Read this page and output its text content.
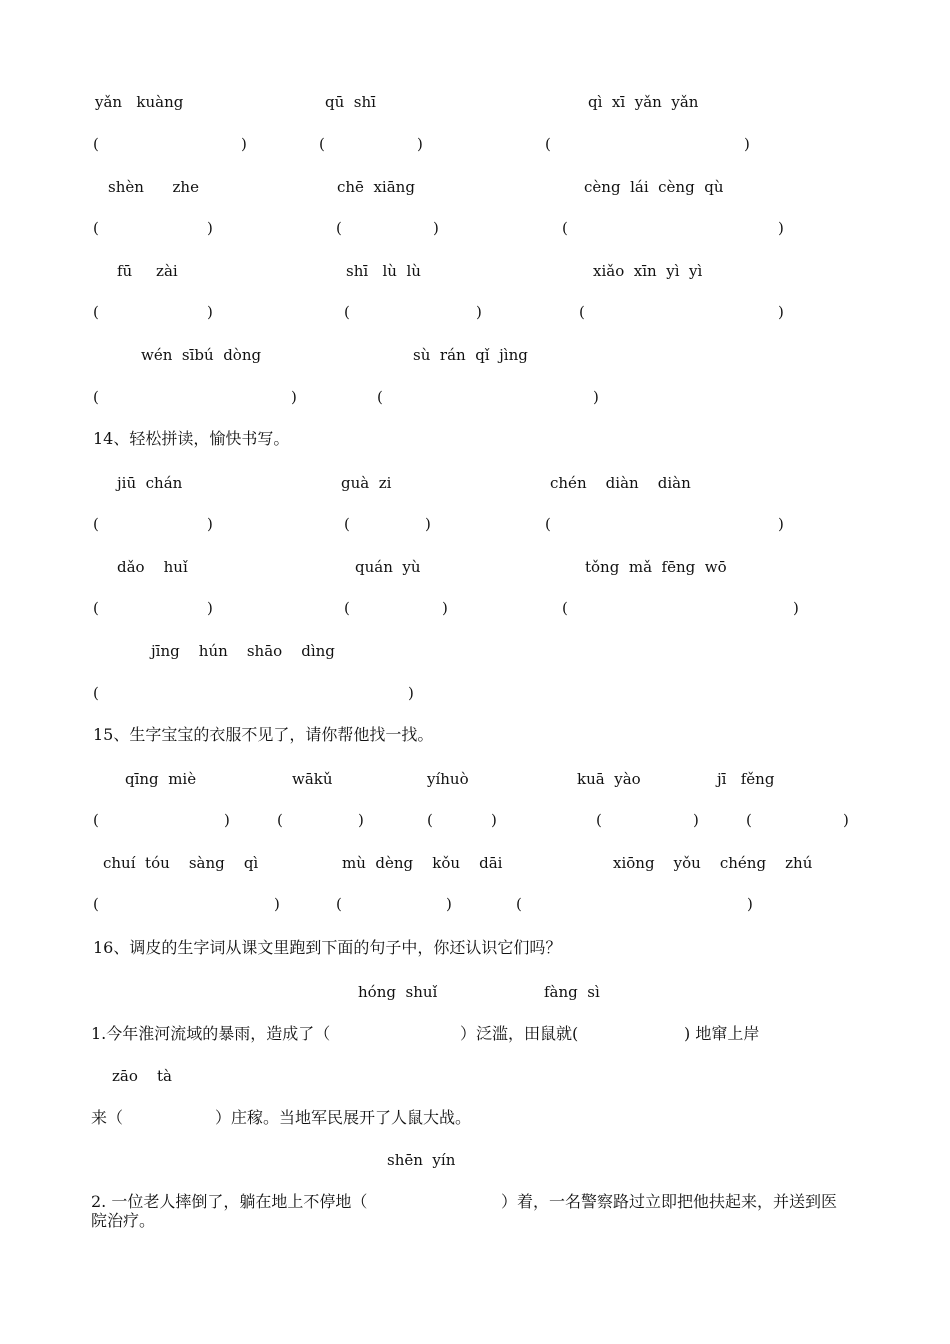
yǎn   kuàng	qū  shī	qì  xī  yǎn  yǎn
(	)	(	)	(	)
shèn      zhe	chē  xiāng	cèng  lái  cèng  qù
(	)	(	)	(	)
fū     zài	shī   lù  lù	xiǎo  xīn  yì  yì
(	)	(	)	(	)
wén  sībú  dòng	sù  rán  qǐ  jìng
(	)	(	)
14、轻松拼读，愉快书写。
jiū  chán	guà  zi	chén    diàn    diàn
(	)	(	)	(	)
dǎo    huǐ	quán  yù	tǒng  mǎ  fēng  wō
(	)	(	)	(	)
jīng    hún    shāo    dìng
(	)
15、生字宝宝的衣服不见了，请你帮他找一找。
qīng  miè	wākǔ	yíhuò	kuā  yào	jī   fěng
(	)	(	)	(	)	(	)	(	)
chuí  tóu    sàng    qì	mù  dèng    kǒu    dāi	xiōng    yǒu    chéng    zhú
(	)	(	)	(	)
16、调皮的生字词从课文里跑到下面的句子中，你还认识它们吗？
hóng  shuǐ	fàng  sì
1.今年淮河流域的暴雨，造成了（	）泛滥，田鼠就(	) 地窜上岸
zāo    tà
来（	）庄稼。当地军民展开了人鼠大战。
shēn  yín
2. 一位老人摔倒了，躺在地上不停地（	）着，一名警察路过立即把他扶起来，并送到医
院治疗。
